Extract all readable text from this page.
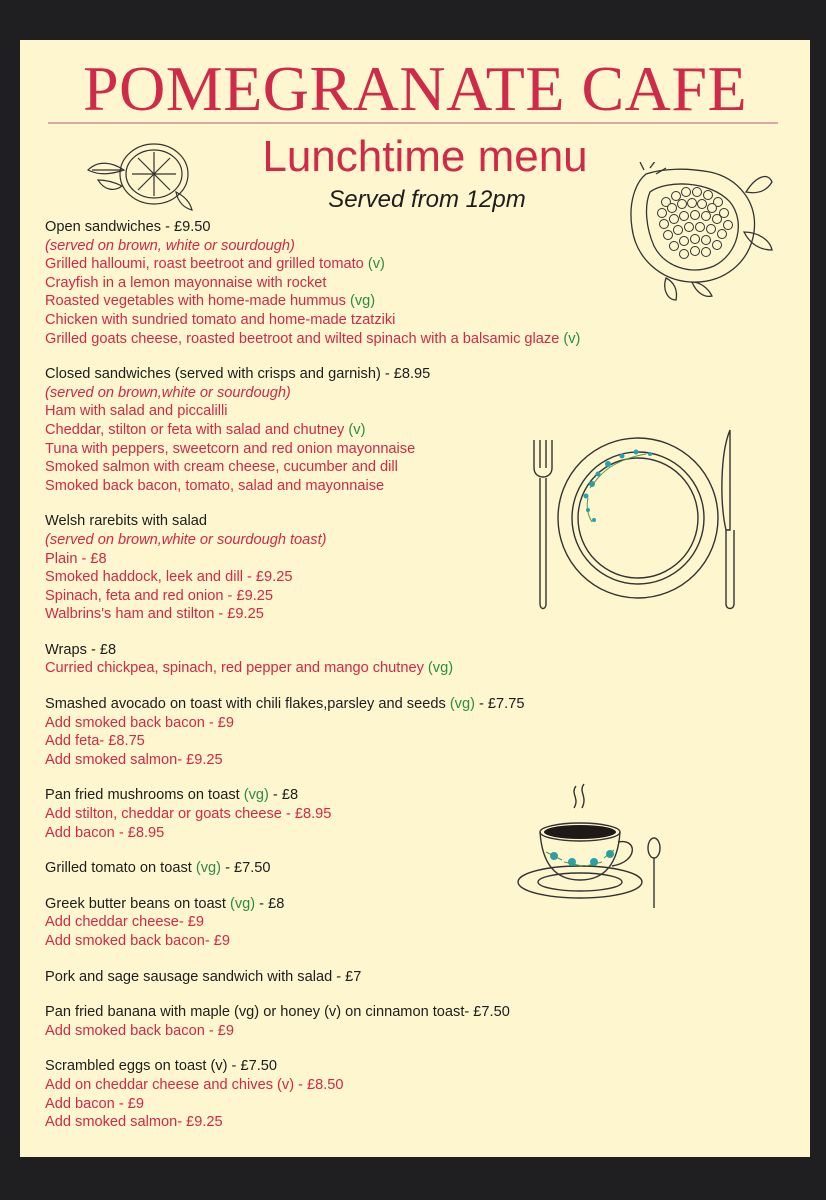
POMEGRANATE CAFE
Lunchtime menu
Served from 12pm
Open sandwiches - £9.50
(served on brown, white or sourdough)
Grilled halloumi, roast beetroot and grilled tomato (v)
Crayfish in a lemon mayonnaise with rocket
Roasted vegetables with home-made hummus (vg)
Chicken with sundried tomato and home-made tzatziki
Grilled goats cheese, roasted beetroot and wilted spinach with a balsamic glaze (v)
Closed sandwiches (served with crisps and garnish) - £8.95
(served on brown,white or sourdough)
Ham with salad and piccalilli
Cheddar, stilton or feta with salad and chutney (v)
Tuna with peppers, sweetcorn and red onion mayonnaise
Smoked salmon with cream cheese, cucumber and dill
Smoked back bacon, tomato, salad and mayonnaise
Welsh rarebits with salad
(served on brown,white or sourdough toast)
Plain - £8
Smoked haddock, leek and dill - £9.25
Spinach, feta and red onion - £9.25
Walbrins's ham and stilton - £9.25
Wraps - £8
Curried chickpea, spinach, red pepper and mango chutney (vg)
Smashed avocado on toast with chili flakes,parsley and seeds (vg) - £7.75
Add smoked back bacon - £9
Add feta- £8.75
Add smoked salmon- £9.25
Pan fried mushrooms on toast (vg) - £8
Add stilton, cheddar or goats cheese - £8.95
Add bacon - £8.95
Grilled tomato on toast (vg) - £7.50
Greek butter beans on toast (vg) - £8
Add cheddar cheese- £9
Add smoked back bacon- £9
Pork and sage sausage sandwich with salad - £7
Pan fried banana with maple (vg) or honey (v) on cinnamon toast- £7.50
Add smoked back bacon - £9
Scrambled eggs on toast (v) - £7.50
Add on cheddar cheese and chives (v) - £8.50
Add bacon - £9
Add smoked salmon- £9.25
